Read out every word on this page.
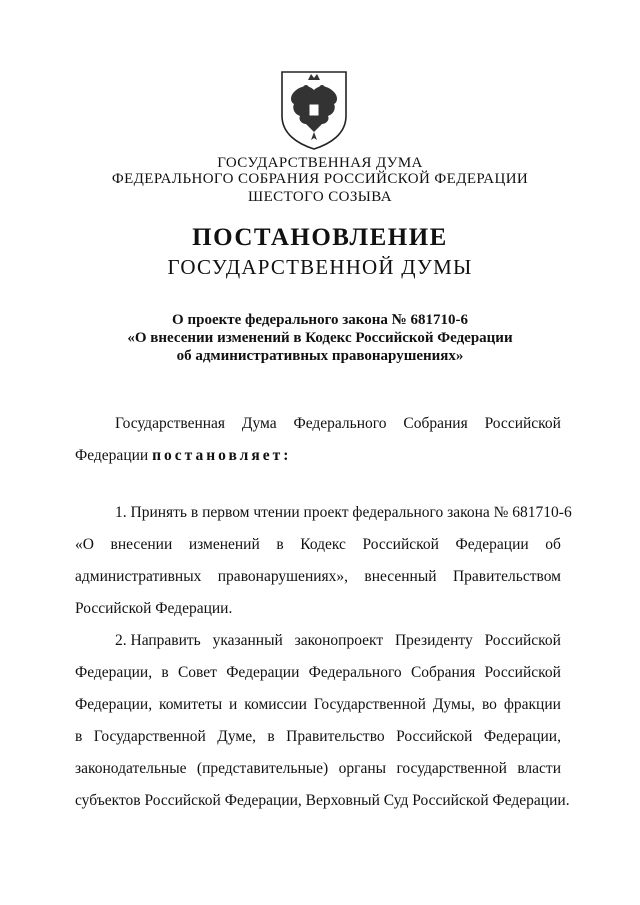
ГОСУДАРСТВЕННАЯ ДУМА
ФЕДЕРАЛЬНОГО СОБРАНИЯ РОССИЙСКОЙ ФЕДЕРАЦИИ
ШЕСТОГО СОЗЫВА
ПОСТАНОВЛЕНИЕ
ГОСУДАРСТВЕННОЙ ДУМЫ
О проекте федерального закона № 681710-6
«О внесении изменений в Кодекс Российской Федерации
об административных правонарушениях»
Государственная Дума Федерального Собрания Российской
Федерации постановляет:
1. Принять в первом чтении проект федерального закона № 681710-6
«О внесении изменений в Кодекс Российской Федерации об
административных правонарушениях», внесенный Правительством
Российской Федерации.
2. Направить указанный законопроект Президенту Российской
Федерации, в Совет Федерации Федерального Собрания Российской
Федерации, комитеты и комиссии Государственной Думы, во фракции
в Государственной Думе, в Правительство Российской Федерации,
законодательные (представительные) органы государственной власти
субъектов Российской Федерации, Верховный Суд Российской Федерации.
